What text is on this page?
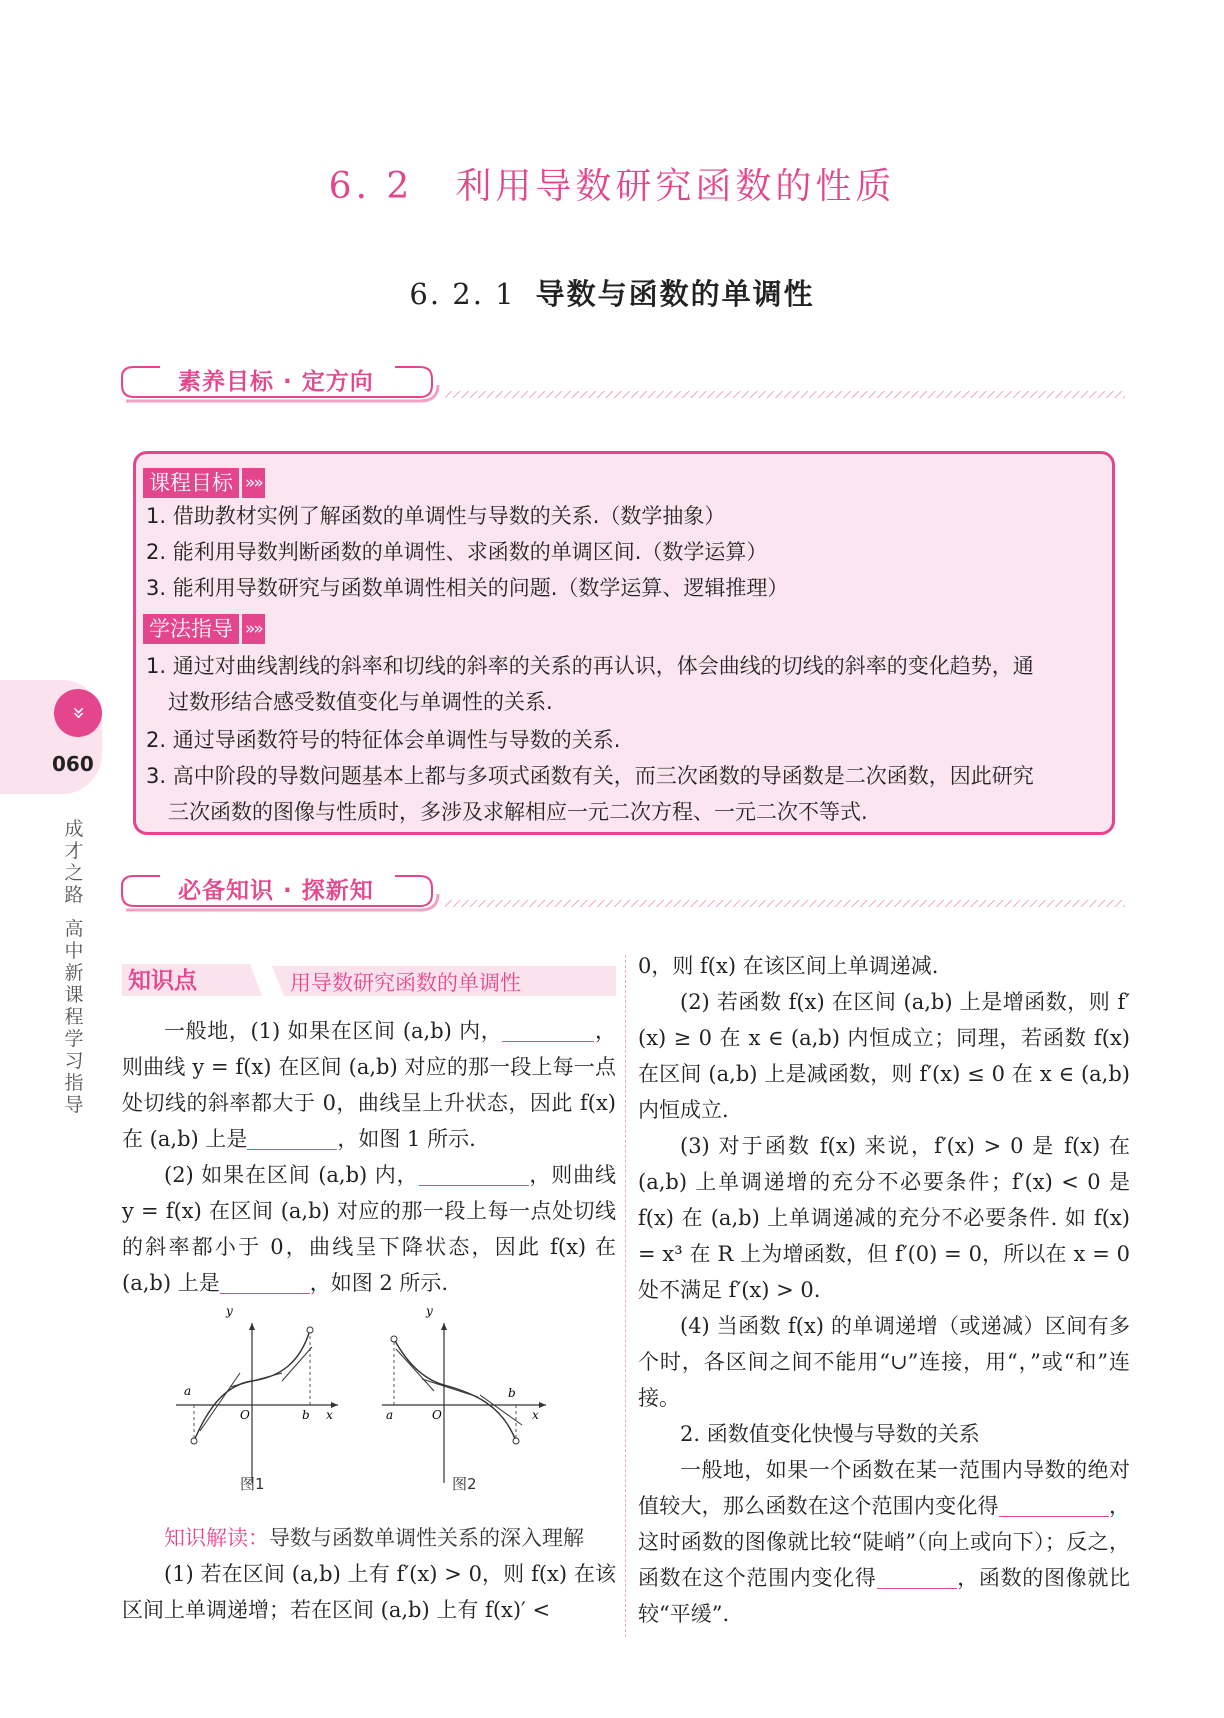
6. 2 利用导数研究函数的性质
6. 2. 1 导数与函数的单调性
素养目标 · 定方向
课程目标 »»
1. 借助教材实例了解函数的单调性与导数的关系.（数学抽象）
2. 能利用导数判断函数的单调性、求函数的单调区间.（数学运算）
3. 能利用导数研究与函数单调性相关的问题.（数学运算、逻辑推理）
学法指导 »»
1. 通过对曲线割线的斜率和切线的斜率的关系的再认识，体会曲线的切线的斜率的变化趋势，通
过数形结合感受数值变化与单调性的关系.
2. 通过导函数符号的特征体会单调性与导数的关系.
3. 高中阶段的导数问题基本上都与多项式函数有关，而三次函数的导函数是二次函数，因此研究
三次函数的图像与性质时，多涉及求解相应一元二次方程、一元二次不等式.
»
060
成才之路
高中新课程学习指导
必备知识 · 探新知
知识点	用导数研究函数的单调性

一般地，(1) 如果在区间 (a,b) 内，	，则曲线 y = f(x) 在区间 (a,b) 对应的那一段上每一点处切线的斜率都大于 0，曲线呈上升状态，因此 f(x) 在 (a,b) 上是	，如图 1 所示.

(2) 如果在区间 (a,b) 内，	，则曲线 y = f(x) 在区间 (a,b) 对应的那一段上每一点处切线的斜率都小于 0，曲线呈下降状态，因此 f(x) 在 (a,b) 上是	，如图 2 所示.

y
a
O	b x
y
a	O
b
x
图1	图2

知识解读：导数与函数单调性关系的深入理解

(1) 若在区间 (a,b) 上有 f′(x) > 0，则 f(x) 在该区间上单调递增；若在区间 (a,b) 上有 f(x)′ <

0，则 f(x) 在该区间上单调递减.

(2) 若函数 f(x) 在区间 (a,b) 上是增函数，则 f′(x) ≥ 0 在 x ∈ (a,b) 内恒成立；同理，若函数 f(x) 在区间 (a,b) 上是减函数，则 f′(x) ≤ 0 在 x ∈ (a,b) 内恒成立.

(3) 对于函数 f(x) 来说，f′(x) > 0 是 f(x) 在 (a,b) 上单调递增的充分不必要条件；f′(x) < 0 是 f(x) 在 (a,b) 上单调递减的充分不必要条件. 如 f(x) = x³ 在 R 上为增函数，但 f′(0) = 0，所以在 x = 0 处不满足 f′(x) > 0.

(4) 当函数 f(x) 的单调递增（或递减）区间有多个时，各区间之间不能用“∪”连接，用“，”或“和”连接。

2. 函数值变化快慢与导数的关系

一般地，如果一个函数在某一范围内导数的绝对值较大，那么函数在这个范围内变化得	，这时函数的图像就比较“陡峭”（向上或向下）；反之，函数在这个范围内变化得	，函数的图像就比较“平缓”.
